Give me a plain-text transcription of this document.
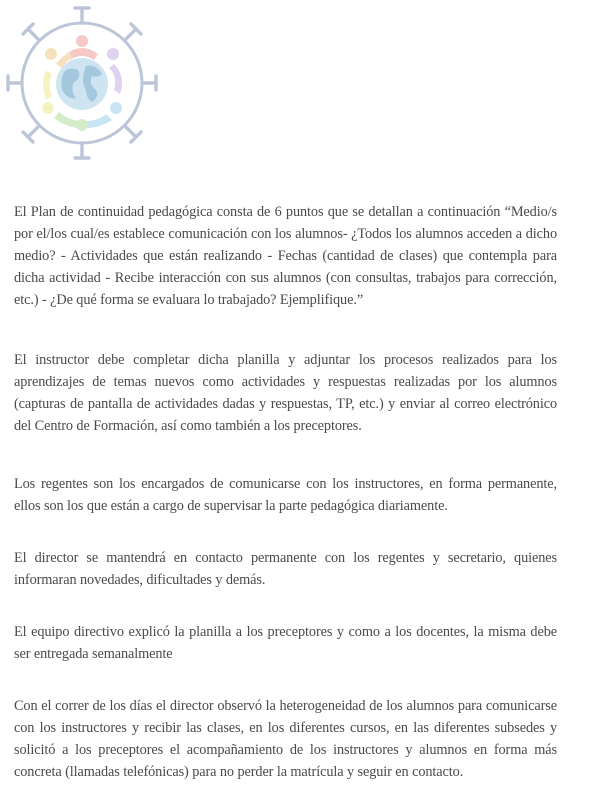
El Plan de continuidad pedagógica consta de 6 puntos que se detallan a continuación “Medio/s por el/los cual/es establece comunicación con los alumnos- ¿Todos los alumnos acceden a dicho medio? - Actividades que están realizando - Fechas (cantidad de clases) que contempla para dicha actividad - Recibe interacción con sus alumnos (con consultas, trabajos para corrección, etc.) - ¿De qué forma se evaluara lo trabajado? Ejemplifique.”

El instructor debe completar dicha planilla y adjuntar los procesos realizados para los aprendizajes de temas nuevos como actividades y respuestas realizadas por los alumnos (capturas de pantalla de actividades dadas y respuestas, TP, etc.) y enviar al correo electrónico del Centro de Formación, así como también a los preceptores.

Los regentes son los encargados de comunicarse con los instructores, en forma permanente, ellos son los que están a cargo de supervisar la parte pedagógica diariamente.

El director se mantendrá en contacto permanente con los regentes y secretario, quienes informaran novedades, dificultades y demás.

El equipo directivo explicó la planilla a los preceptores y como a los docentes, la misma debe ser entregada semanalmente

Con el correr de los días el director observó la heterogeneidad de los alumnos para comunicarse con los instructores y recibir las clases, en los diferentes cursos, en las diferentes subsedes y solicitó a los preceptores el acompañamiento de los instructores y alumnos en forma más concreta (llamadas telefónicas) para no perder la matrícula y seguir en contacto.
